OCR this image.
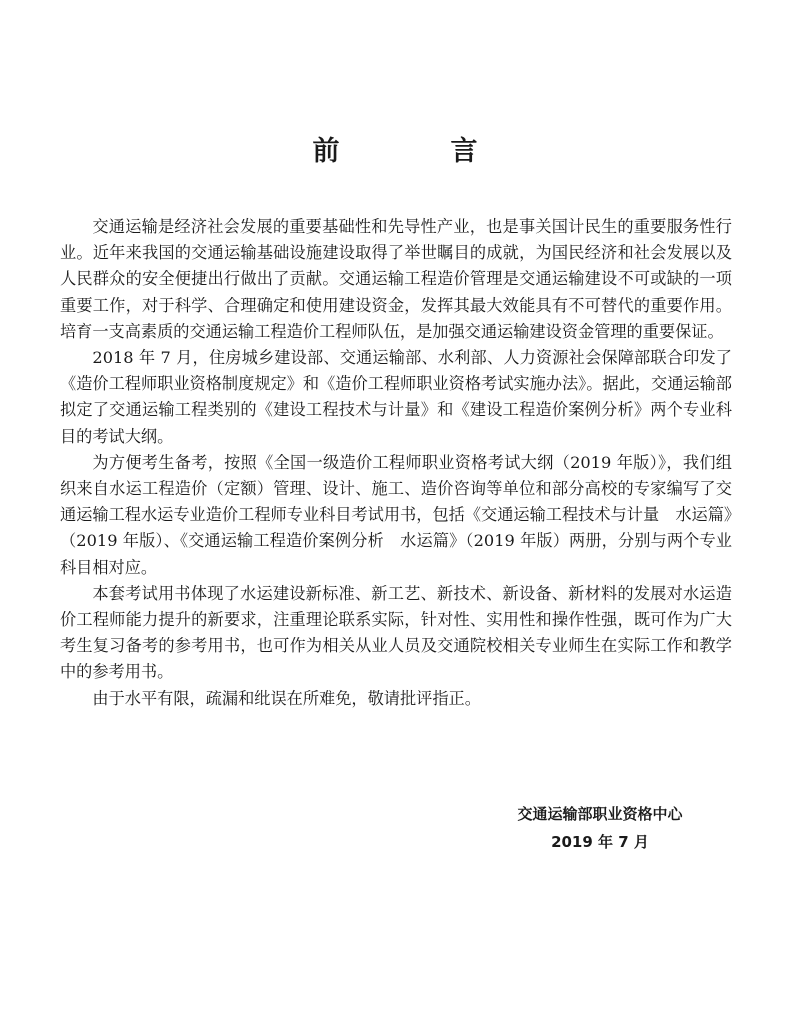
前　言

交通运输是经济社会发展的重要基础性和先导性产业，也是事关国计民生的重要服务性行业。近年来我国的交通运输基础设施建设取得了举世瞩目的成就，为国民经济和社会发展以及人民群众的安全便捷出行做出了贡献。交通运输工程造价管理是交通运输建设不可或缺的一项重要工作，对于科学、合理确定和使用建设资金，发挥其最大效能具有不可替代的重要作用。培育一支高素质的交通运输工程造价工程师队伍，是加强交通运输建设资金管理的重要保证。

2018 年 7 月，住房城乡建设部、交通运输部、水利部、人力资源社会保障部联合印发了《造价工程师职业资格制度规定》和《造价工程师职业资格考试实施办法》。据此，交通运输部拟定了交通运输工程类别的《建设工程技术与计量》和《建设工程造价案例分析》两个专业科目的考试大纲。

为方便考生备考，按照《全国一级造价工程师职业资格考试大纲（2019 年版）》，我们组织来自水运工程造价（定额）管理、设计、施工、造价咨询等单位和部分高校的专家编写了交通运输工程水运专业造价工程师专业科目考试用书，包括《交通运输工程技术与计量　水运篇》（2019 年版）、《交通运输工程造价案例分析　水运篇》（2019 年版）两册，分别与两个专业科目相对应。

本套考试用书体现了水运建设新标准、新工艺、新技术、新设备、新材料的发展对水运造价工程师能力提升的新要求，注重理论联系实际，针对性、实用性和操作性强，既可作为广大考生复习备考的参考用书，也可作为相关从业人员及交通院校相关专业师生在实际工作和教学中的参考用书。

由于水平有限，疏漏和纰误在所难免，敬请批评指正。

交通运输部职业资格中心
2019 年 7 月
